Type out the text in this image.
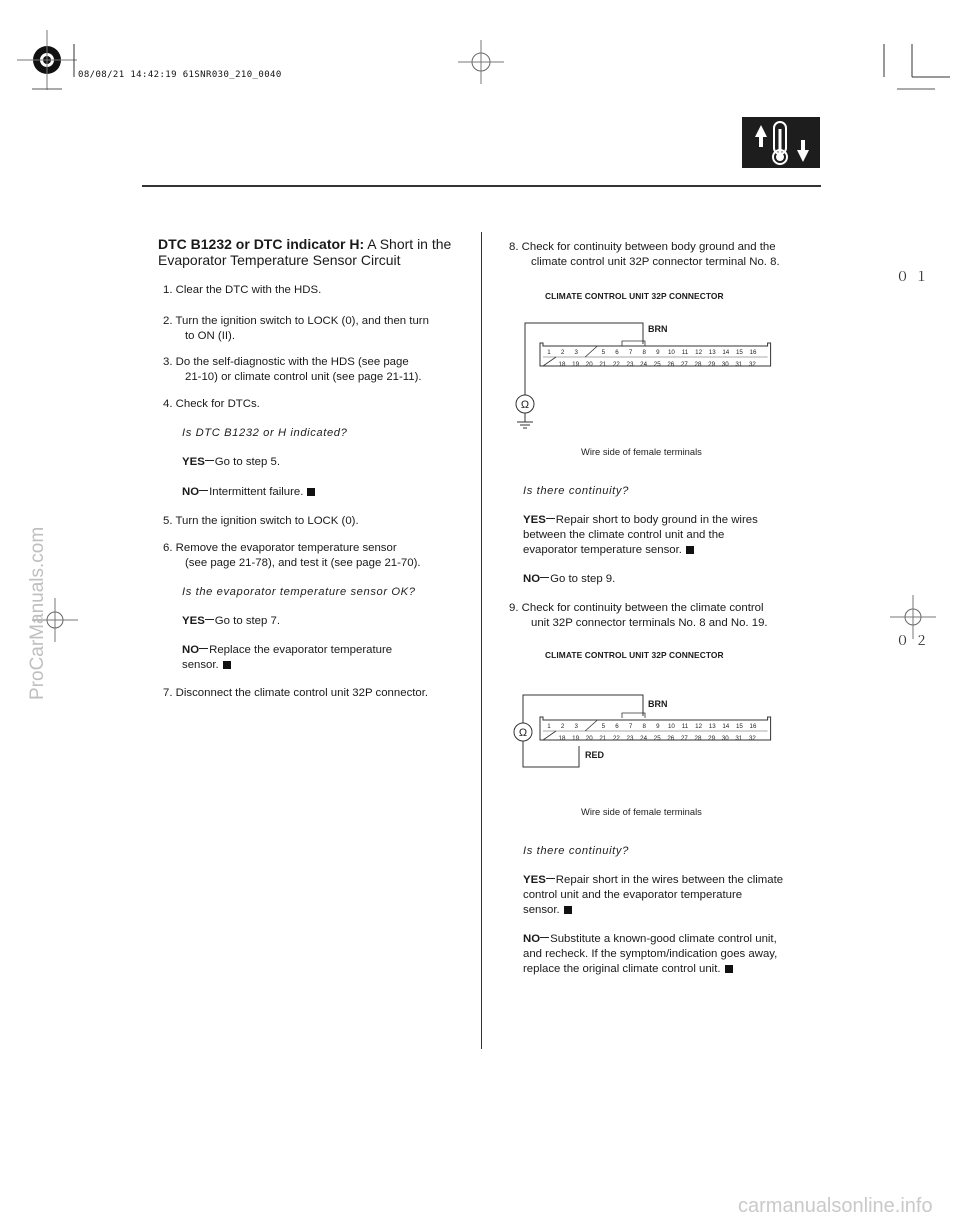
08/08/21 14:42:19 61SNR030_210_0040
０１
０２
ProCarManuals.com
carmanualsonline.info
DTC B1232 or DTC indicator H: A Short in the
Evaporator Temperature Sensor Circuit
1. Clear the DTC with the HDS.
2. Turn the ignition switch to LOCK (0), and then turn
to ON (II).
3. Do the self-diagnostic with the HDS (see page
21-10) or climate control unit (see page 21-11).
4. Check for DTCs.
Is DTC B1232 or H indicated?
YES Go to step 5.
NO Intermittent failure.
5. Turn the ignition switch to LOCK (0).
6. Remove the evaporator temperature sensor
(see page 21-78), and test it (see page 21-70).
Is the evaporator temperature sensor OK?
YES Go to step 7.
NO Replace the evaporator temperature
sensor.
7. Disconnect the climate control unit 32P connector.
8. Check for continuity between body ground and the
climate control unit 32P connector terminal No. 8.
CLIMATE CONTROL UNIT 32P CONNECTOR
BRN
1 2 3	5 6 7 8 9 10 11 12 13 14 15 16
18 19 20 21 22 23 24 25 26 27 28 29 30 31 32
Ω
Wire side of female terminals
Is there continuity?
YES Repair short to body ground in the wires
between the climate control unit and the
evaporator temperature sensor.
NO Go to step 9.
9. Check for continuity between the climate control
unit 32P connector terminals No. 8 and No. 19.
CLIMATE CONTROL UNIT 32P CONNECTOR
BRN
RED
1 2 3	5 6 7 8 9 10 11 12 13 14 15 16
18 19 20 21 22 23 24 25 26 27 28 29 30 31 32
Ω
Wire side of female terminals
Is there continuity?
YES Repair short in the wires between the climate
control unit and the evaporator temperature
sensor.
NO Substitute a known-good climate control unit,
and recheck. If the symptom/indication goes away,
replace the original climate control unit.
